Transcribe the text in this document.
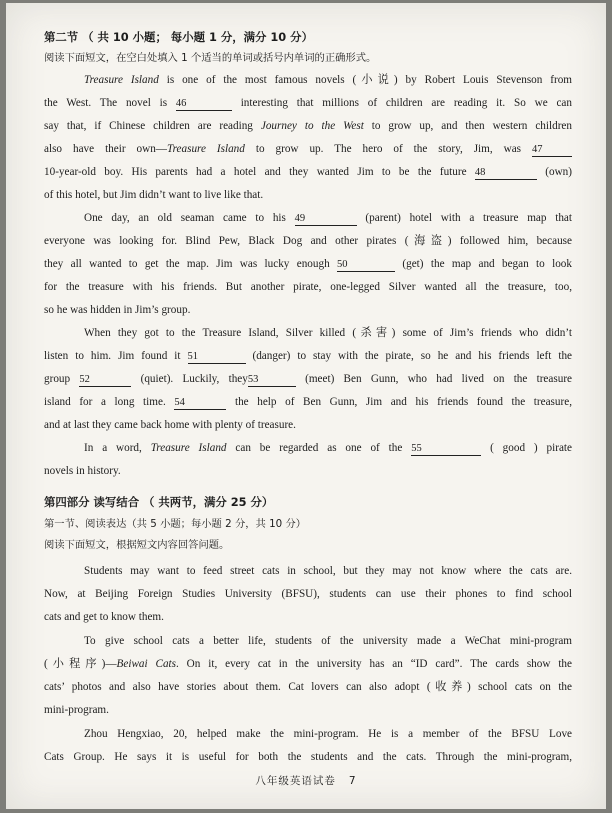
第二节 （ 共 10 小题； 每小题 1 分，满分 10 分）
阅读下面短文，在空白处填入 1 个适当的单词或括号内单词的正确形式。
Treasure Island is one of the most famous novels (小说) by Robert Louis Stevenson from
the West. The novel is 46	interesting that millions of children are reading it. So we can
say that, if Chinese children are reading Journey to the West to grow up, and then western children
also have their own—Treasure Island to grow up. The hero of the story, Jim, was 47
10-year-old boy. His parents had a hotel and they wanted Jim to be the future 48	(own)
of this hotel, but Jim didn’t want to live like that.
One day, an old seaman came to his 49	(parent) hotel with a treasure map that
everyone was looking for. Blind Pew, Black Dog and other pirates (海盗) followed him, because
they all wanted to get the map. Jim was lucky enough 50	(get) the map and began to look
for the treasure with his friends. But another pirate, one-legged Silver wanted all the treasure, too,
so he was hidden in Jim’s group.
When they got to the Treasure Island, Silver killed (杀害) some of Jim’s friends who didn’t
listen to him. Jim found it 51	(danger) to stay with the pirate, so he and his friends left the
group 52	(quiet). Luckily, they53	(meet) Ben Gunn, who had lived on the treasure
island for a long time. 54	the help of Ben Gunn, Jim and his friends found the treasure,
and at last they came back home with plenty of treasure.
In a word, Treasure Island can be regarded as one of the 55	( good ) pirate
novels in history.
第四部分 读写结合 （ 共两节，满分 25 分）
第一节、阅读表达（共 5 小题；每小题 2 分，共 10 分）
阅读下面短文，根据短文内容回答问题。
Students may want to feed street cats in school, but they may not know where the cats are.
Now, at Beijing Foreign Studies University (BFSU), students can use their phones to find school
cats and get to know them.
To give school cats a better life, students of the university made a WeChat mini-program
(小程序)—Beiwai Cats. On it, every cat in the university has an “ID card”. The cards show the
cats’ photos and also have stories about them. Cat lovers can also adopt (收养) school cats on the
mini-program.
Zhou Hengxiao, 20, helped make the mini-program. He is a member of the BFSU Love
Cats Group. He says it is useful for both the students and the cats. Through the mini-program,
八年级英语试卷 7
